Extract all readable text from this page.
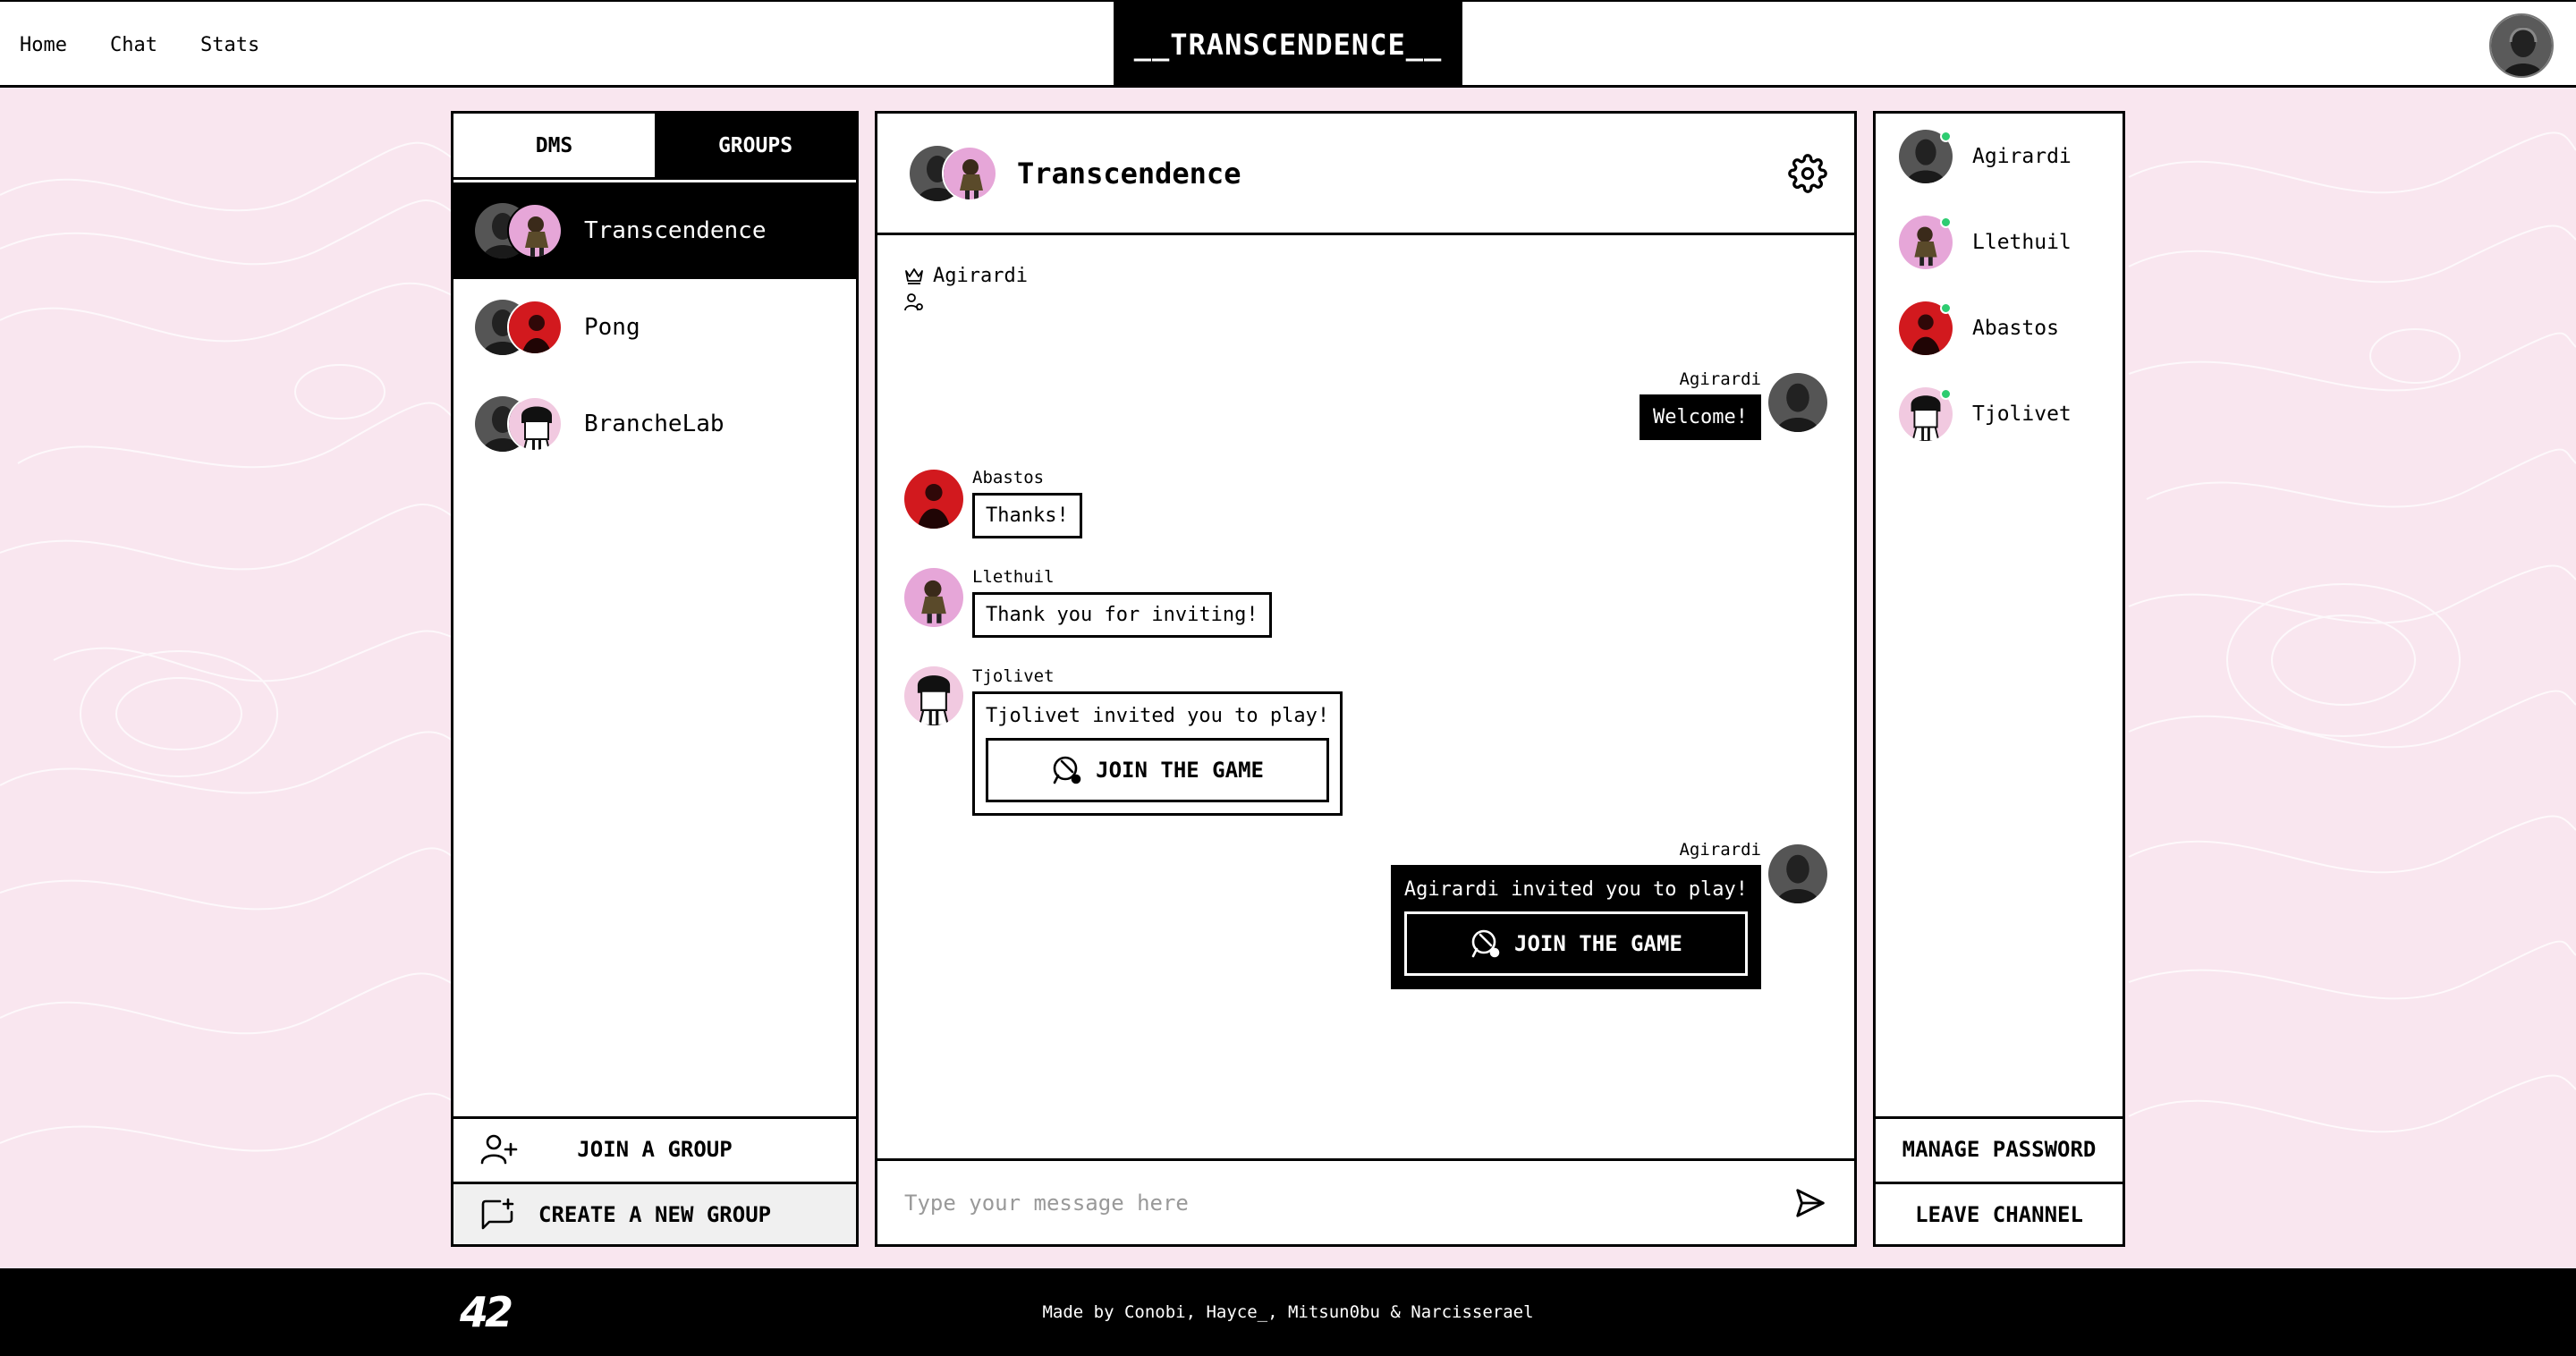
Home Chat Stats	__TRANSCENDENCE__
DMS	GROUPS
Transcendence
Pong
BrancheLab
JOIN A GROUP
CREATE A NEW GROUP
Transcendence
Agirardi
Agirardi
Welcome!
Abastos
Thanks!
Llethuil
Thank you for inviting!
Tjolivet
Tjolivet invited you to play!
JOIN THE GAME
Agirardi
Agirardi invited you to play!
JOIN THE GAME
Type your message here
Agirardi
Llethuil
Abastos
Tjolivet
MANAGE PASSWORD
LEAVE CHANNEL
42	Made by Conobi, Hayce_, Mitsun0bu & Narcisserael
